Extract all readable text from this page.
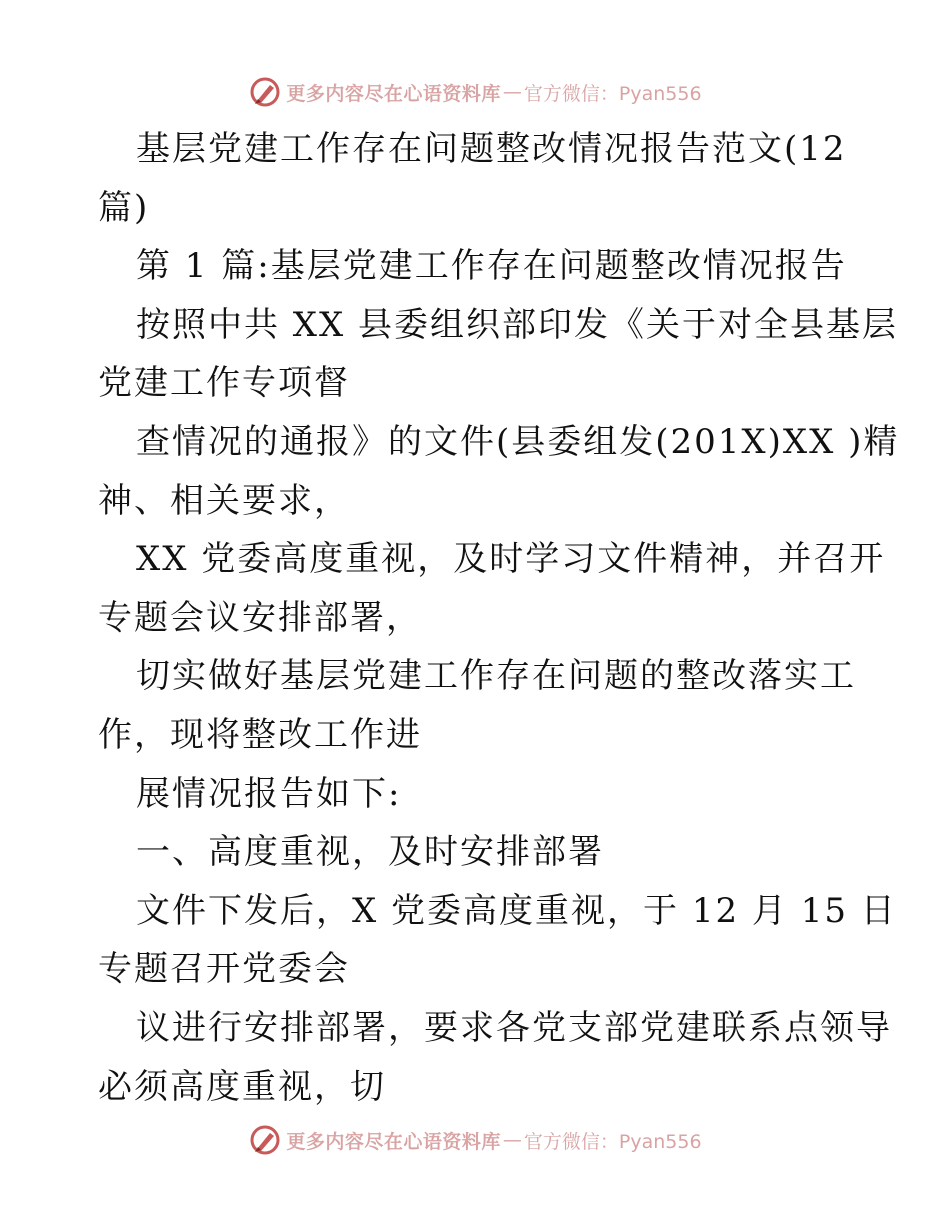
更多内容尽在心语资料库 — 官方微信：Pyan556
基层党建工作存在问题整改情况报告范文(12
篇)
第 1 篇:基层党建工作存在问题整改情况报告
按照中共 XX 县委组织部印发《关于对全县基层
党建工作专项督
查情况的通报》的文件(县委组发(201X)XX )精
神、相关要求，
XX 党委高度重视，及时学习文件精神，并召开
专题会议安排部署，
切实做好基层党建工作存在问题的整改落实工
作，现将整改工作进
展情况报告如下:
一、高度重视，及时安排部署
文件下发后，X 党委高度重视，于 12 月 15 日
专题召开党委会
议进行安排部署，要求各党支部党建联系点领导
必须高度重视，切
更多内容尽在心语资料库 — 官方微信：Pyan556
